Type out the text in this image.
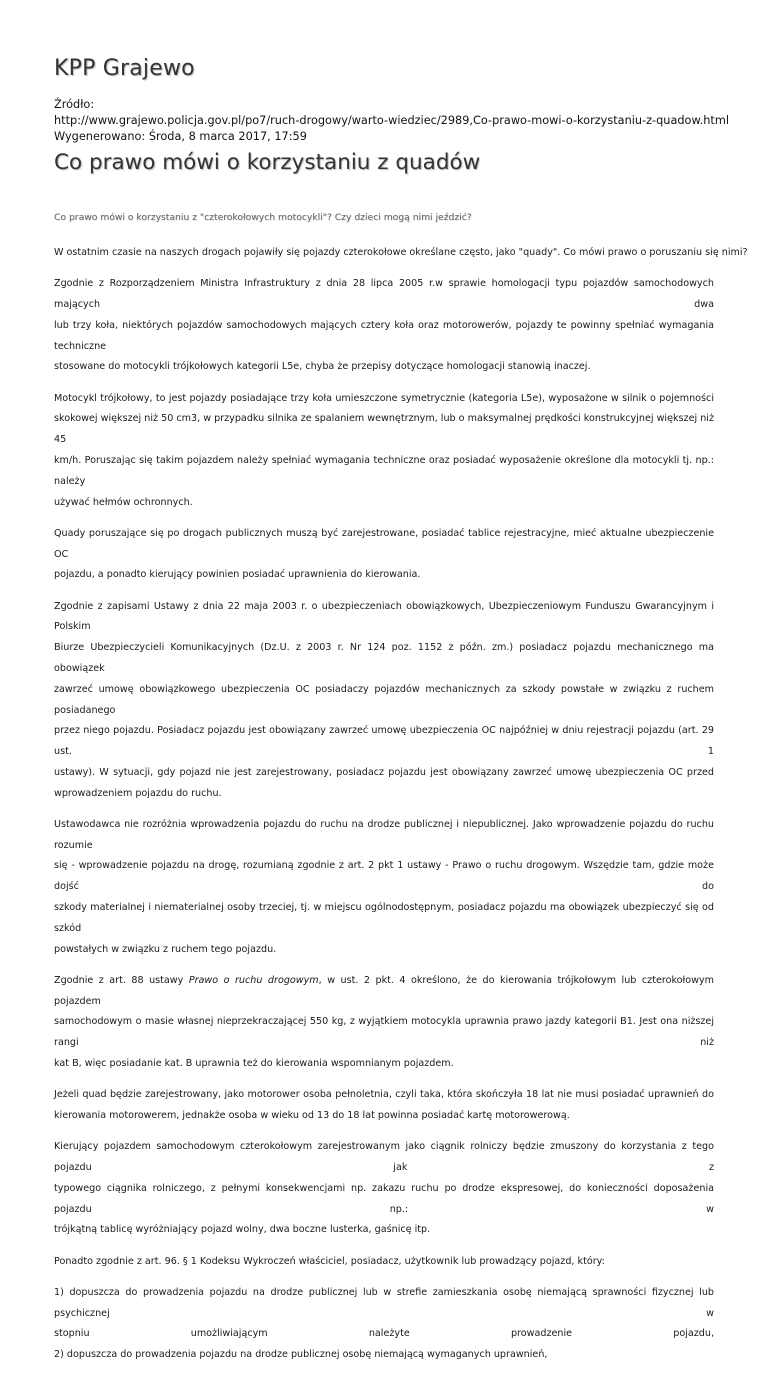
KPP Grajewo
Źródło:
http://www.grajewo.policja.gov.pl/po7/ruch-drogowy/warto-wiedziec/2989,Co-prawo-mowi-o-korzystaniu-z-quadow.html
Wygenerowano: Środa, 8 marca 2017, 17:59
Co prawo mówi o korzystaniu z quadów
Co prawo mówi o korzystaniu z "czterokołowych motocykli"? Czy dzieci mogą nimi jeździć?

W ostatnim czasie na naszych drogach pojawiły się pojazdy czterokołowe określane często, jako "quady". Co mówi prawo o poruszaniu się nimi?

Zgodnie z Rozporządzeniem Ministra Infrastruktury z dnia 28 lipca 2005 r.w sprawie homologacji typu pojazdów samochodowych mających dwa
lub trzy koła, niektórych pojazdów samochodowych mających cztery koła oraz motorowerów, pojazdy te powinny spełniać wymagania techniczne
stosowane do motocykli trójkołowych kategorii L5e, chyba że przepisy dotyczące homologacji stanowią inaczej.

Motocykl trójkołowy, to jest pojazdy posiadające trzy koła umieszczone symetrycznie (kategoria L5e), wyposażone w silnik o pojemności
skokowej większej niż 50 cm3, w przypadku silnika ze spalaniem wewnętrznym, lub o maksymalnej prędkości konstrukcyjnej większej niż 45
km/h. Poruszając się takim pojazdem należy spełniać wymagania techniczne oraz posiadać wyposażenie określone dla motocykli tj. np.: należy
używać hełmów ochronnych.

Quady poruszające się po drogach publicznych muszą być zarejestrowane, posiadać tablice rejestracyjne, mieć aktualne ubezpieczenie OC
pojazdu, a ponadto kierujący powinien posiadać uprawnienia do kierowania.

Zgodnie z zapisami Ustawy z dnia 22 maja 2003 r. o ubezpieczeniach obowiązkowych, Ubezpieczeniowym Funduszu Gwarancyjnym i Polskim
Biurze Ubezpieczycieli Komunikacyjnych (Dz.U. z 2003 r. Nr 124 poz. 1152 z późn. zm.) posiadacz pojazdu mechanicznego ma obowiązek
zawrzeć umowę obowiązkowego ubezpieczenia OC posiadaczy pojazdów mechanicznych za szkody powstałe w związku z ruchem posiadanego
przez niego pojazdu. Posiadacz pojazdu jest obowiązany zawrzeć umowę ubezpieczenia OC najpóźniej w dniu rejestracji pojazdu (art. 29 ust. 1
ustawy). W sytuacji, gdy pojazd nie jest zarejestrowany, posiadacz pojazdu jest obowiązany zawrzeć umowę ubezpieczenia OC przed
wprowadzeniem pojazdu do ruchu.

Ustawodawca nie rozróżnia wprowadzenia pojazdu do ruchu na drodze publicznej i niepublicznej. Jako wprowadzenie pojazdu do ruchu rozumie
się - wprowadzenie pojazdu na drogę, rozumianą zgodnie z art. 2 pkt 1 ustawy - Prawo o ruchu drogowym. Wszędzie tam, gdzie może dojść do
szkody materialnej i niematerialnej osoby trzeciej, tj. w miejscu ogólnodostępnym, posiadacz pojazdu ma obowiązek ubezpieczyć się od szkód
powstałych w związku z ruchem tego pojazdu.

Zgodnie z art. 88 ustawy Prawo o ruchu drogowym, w ust. 2 pkt. 4 określono, że do kierowania trójkołowym lub czterokołowym pojazdem
samochodowym o masie własnej nieprzekraczającej 550 kg, z wyjątkiem motocykla uprawnia prawo jazdy kategorii B1. Jest ona niższej rangi niż
kat B, więc posiadanie kat. B uprawnia też do kierowania wspomnianym pojazdem.

Jeżeli quad będzie zarejestrowany, jako motorower osoba pełnoletnia, czyli taka, która skończyła 18 lat nie musi posiadać uprawnień do
kierowania motorowerem, jednakże osoba w wieku od 13 do 18 lat powinna posiadać kartę motorowerową.

Kierujący pojazdem samochodowym czterokołowym zarejestrowanym jako ciągnik rolniczy będzie zmuszony do korzystania z tego pojazdu jak z
typowego ciągnika rolniczego, z pełnymi konsekwencjami np. zakazu ruchu po drodze ekspresowej, do konieczności doposażenia pojazdu np.: w
trójkątną tablicę wyróżniający pojazd wolny, dwa boczne lusterka, gaśnicę itp.

Ponadto zgodnie z art. 96. § 1 Kodeksu Wykroczeń właściciel, posiadacz, użytkownik lub prowadzący pojazd, który:

1) dopuszcza do prowadzenia pojazdu na drodze publicznej lub w strefie zamieszkania osobę niemającą sprawności fizycznej lub psychicznej w
stopniu umożliwiającym należyte prowadzenie pojazdu,
2) dopuszcza do prowadzenia pojazdu na drodze publicznej osobę niemającą wymaganych uprawnień,
